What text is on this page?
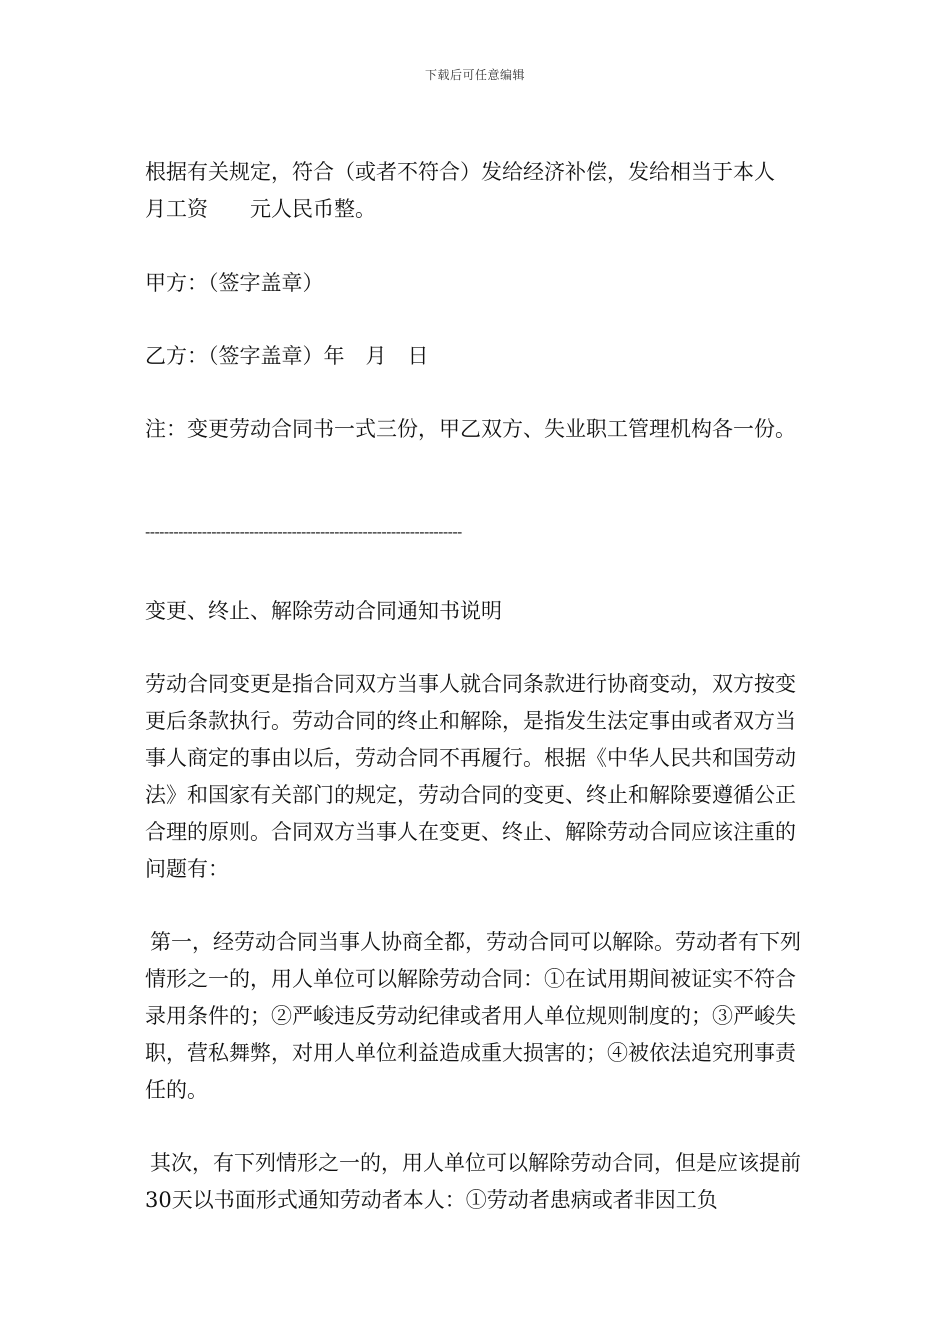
下载后可任意编辑

根据有关规定，符合（或者不符合）发给经济补偿，发给相当于本人　月工资　　元人民币整。

甲方：（签字盖章）

乙方：（签字盖章）年　月　日

注：变更劳动合同书一式三份，甲乙双方、失业职工管理机构各一份。

-------------------------------------------------------------------

变更、终止、解除劳动合同通知书说明

劳动合同变更是指合同双方当事人就合同条款进行协商变动，双方按变更后条款执行。劳动合同的终止和解除，是指发生法定事由或者双方当事人商定的事由以后，劳动合同不再履行。根据《中华人民共和国劳动法》和国家有关部门的规定，劳动合同的变更、终止和解除要遵循公正合理的原则。合同双方当事人在变更、终止、解除劳动合同应该注重的问题有：

第一，经劳动合同当事人协商全都，劳动合同可以解除。劳动者有下列情形之一的，用人单位可以解除劳动合同：①在试用期间被证实不符合录用条件的；②严峻违反劳动纪律或者用人单位规则制度的；③严峻失职，营私舞弊，对用人单位利益造成重大损害的；④被依法追究刑事责任的。

其次，有下列情形之一的，用人单位可以解除劳动合同，但是应该提前30天以书面形式通知劳动者本人：①劳动者患病或者非因工负
